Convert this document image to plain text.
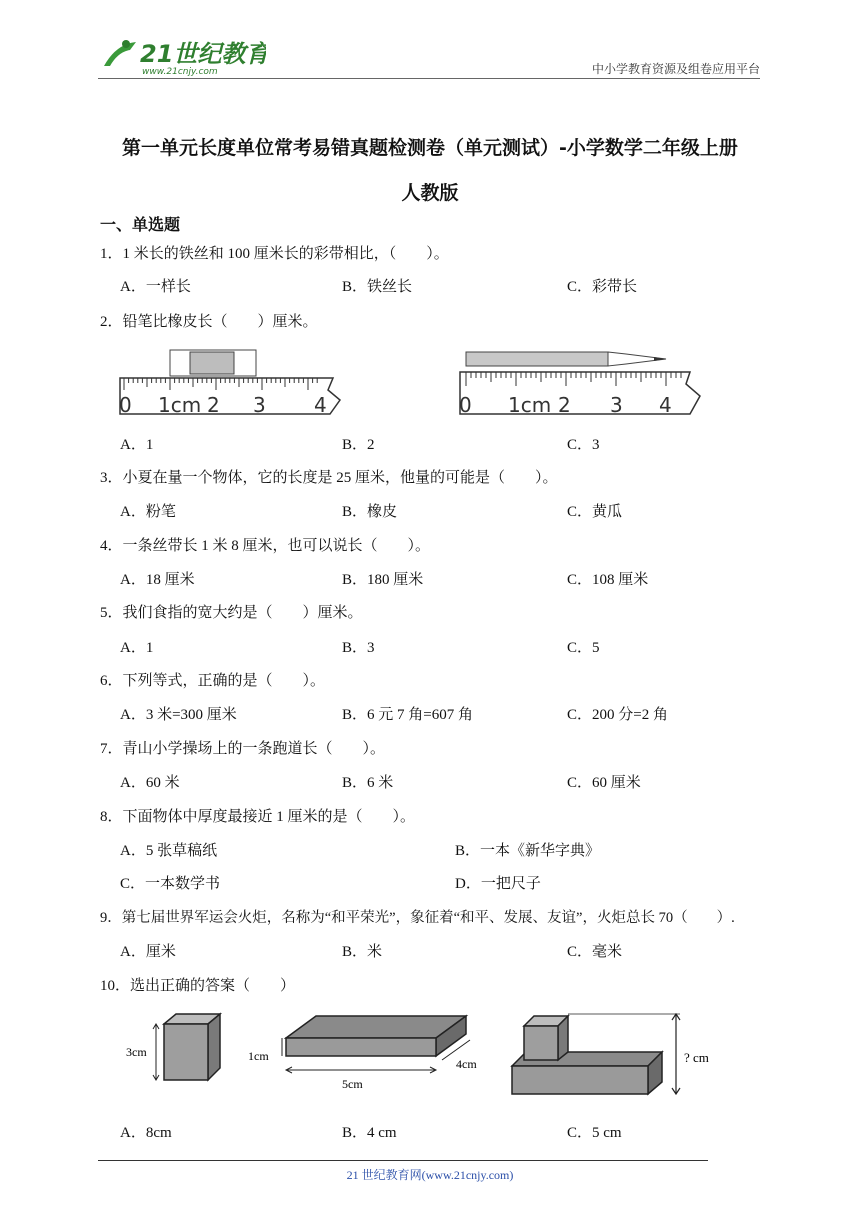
21世纪教育
www.21cnjy.com	中小学教育资源及组卷应用平台
第一单元长度单位常考易错真题检测卷（单元测试）-小学数学二年级上册
人教版
一、单选题
1．1 米长的铁丝和 100 厘米长的彩带相比，（　　）。
A．一样长	B．铁丝长	C．彩带长
2．铅笔比橡皮长（　　）厘米。
0 1cm 2 3 4	0 1cm 2 3 4
A．1	B．2	C．3
3．小夏在量一个物体，它的长度是 25 厘米，他量的可能是（　　）。
A．粉笔	B．橡皮	C．黄瓜
4．一条丝带长 1 米 8 厘米，也可以说长（　　）。
A．18 厘米	B．180 厘米	C．108 厘米
5．我们食指的宽大约是（　　）厘米。
A．1	B．3	C．5
6．下列等式，正确的是（　　）。
A．3 米=300 厘米	B．6 元 7 角=607 角	C．200 分=2 角
7．青山小学操场上的一条跑道长（　　）。
A．60 米	B．6 米	C．60 厘米
8．下面物体中厚度最接近 1 厘米的是（　　）。
A．5 张草稿纸	B．一本《新华字典》
C．一本数学书	D．一把尺子
9．第七届世界军运会火炬，名称为“和平荣光”，象征着“和平、发展、友谊”，火炬总长 70（　　）.
A．厘米	B．米	C．毫米
10．选出正确的答案（　　）
3cm	1cm
5cm
4cm	? cm
A．8cm	B．4 cm	C．5 cm
21 世纪教育网(www.21cnjy.com)
